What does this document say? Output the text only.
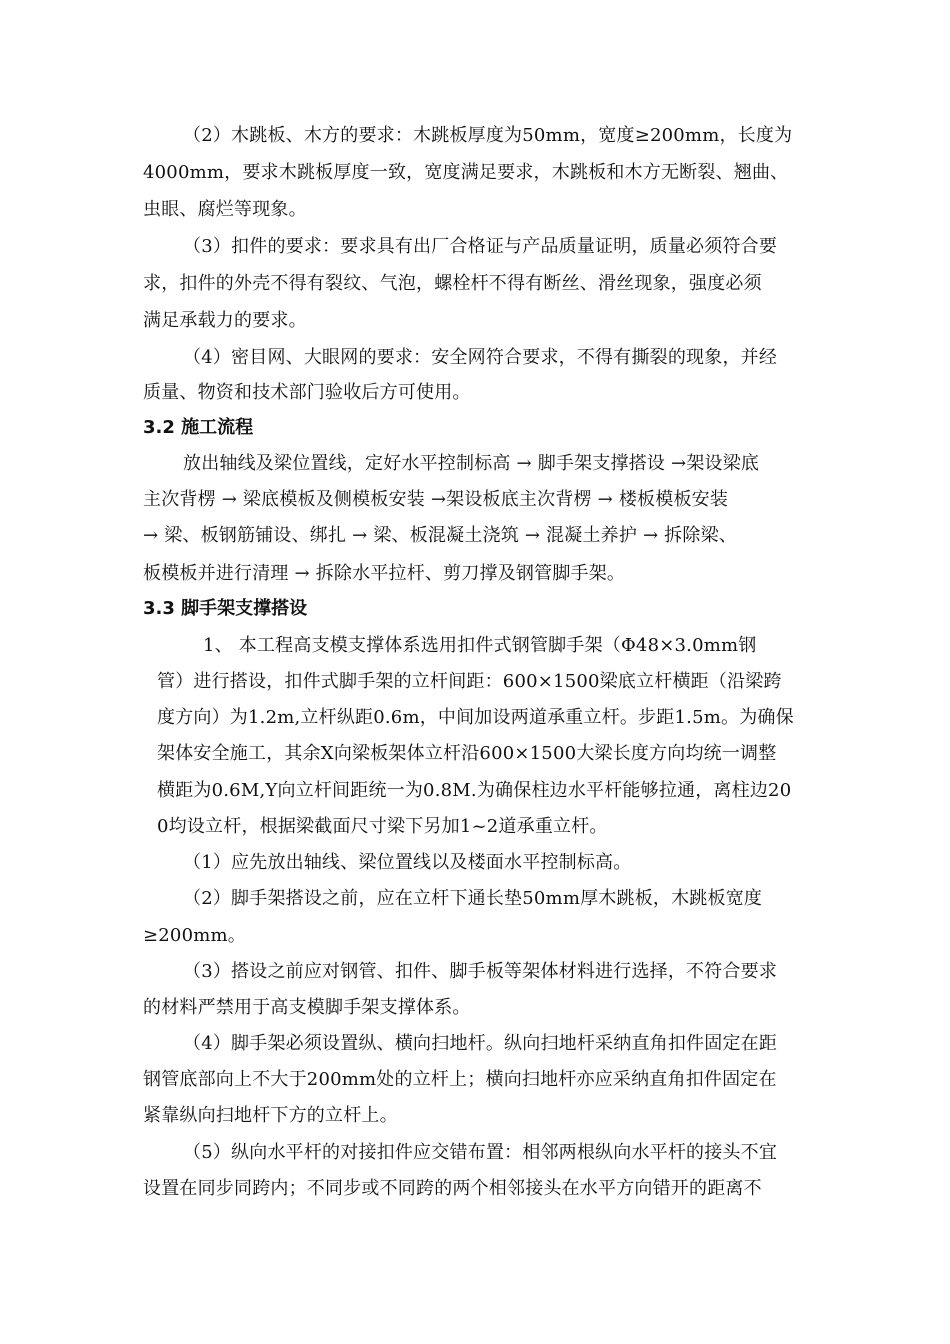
（2）木跳板、木方的要求：木跳板厚度为50mm，宽度≥200mm，长度为
4000mm，要求木跳板厚度一致，宽度满足要求，木跳板和木方无断裂、翘曲、
虫眼、腐烂等现象。
（3）扣件的要求：要求具有出厂合格证与产品质量证明，质量必须符合要
求，扣件的外壳不得有裂纹、气泡，螺栓杆不得有断丝、滑丝现象，强度必须
满足承载力的要求。
（4）密目网、大眼网的要求：安全网符合要求，不得有撕裂的现象，并经
质量、物资和技术部门验收后方可使用。
3.2 施工流程
放出轴线及梁位置线，定好水平控制标高 → 脚手架支撑搭设 →架设梁底
主次背楞 → 梁底模板及侧模板安装 →架设板底主次背楞 → 楼板模板安装
→ 梁、板钢筋铺设、绑扎 → 梁、板混凝土浇筑 → 混凝土养护 → 拆除梁、
板模板并进行清理 → 拆除水平拉杆、剪刀撑及钢管脚手架。
3.3 脚手架支撑搭设
1、 本工程高支模支撑体系选用扣件式钢管脚手架（Φ48×3.0mm钢
管）进行搭设，扣件式脚手架的立杆间距：600×1500梁底立杆横距（沿梁跨
度方向）为1.2m,立杆纵距0.6m，中间加设两道承重立杆。步距1.5m。为确保
架体安全施工，其余X向梁板架体立杆沿600×1500大梁长度方向均统一调整
横距为0.6M,Y向立杆间距统一为0.8M.为确保柱边水平杆能够拉通，离柱边20
0均设立杆，根据梁截面尺寸梁下另加1~2道承重立杆。
（1）应先放出轴线、梁位置线以及楼面水平控制标高。
（2）脚手架搭设之前，应在立杆下通长垫50mm厚木跳板，木跳板宽度
≥200mm。
（3）搭设之前应对钢管、扣件、脚手板等架体材料进行选择，不符合要求
的材料严禁用于高支模脚手架支撑体系。
（4）脚手架必须设置纵、横向扫地杆。纵向扫地杆采纳直角扣件固定在距
钢管底部向上不大于200mm处的立杆上；横向扫地杆亦应采纳直角扣件固定在
紧靠纵向扫地杆下方的立杆上。
（5）纵向水平杆的对接扣件应交错布置：相邻两根纵向水平杆的接头不宜
设置在同步同跨内；不同步或不同跨的两个相邻接头在水平方向错开的距离不
